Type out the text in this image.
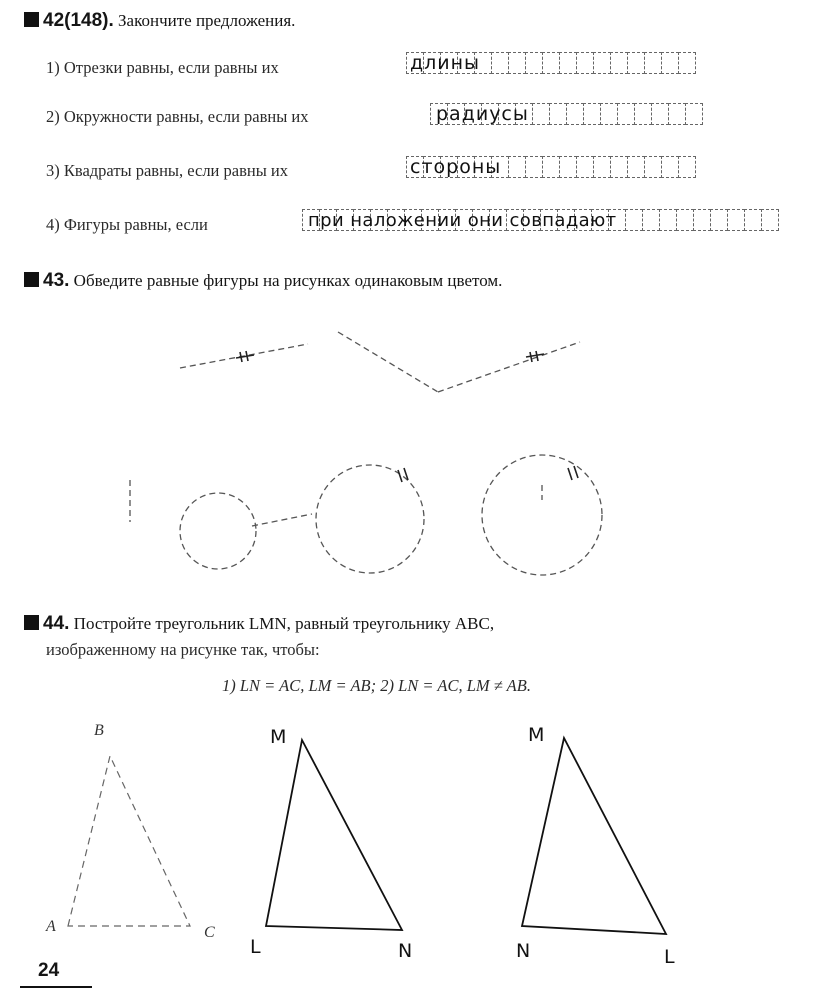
42(148). Закончите предложения.
1) Отрезки равны, если равны их	длины
2) Окружности равны, если равны их	радиусы
3) Квадраты равны, если равны их	стороны
4) Фигуры равны, если	при наложении они совпадают
43. Обведите равные фигуры на рисунках одинаковым цветом.
44. Постройте треугольник LMN, равный треугольнику ABC,
изображенному на рисунке так, чтобы:
1) LN = AC, LM = AB; 2) LN = AC, LM ≠ AB.
B
A	C
M
L	N
M
N	L
24
